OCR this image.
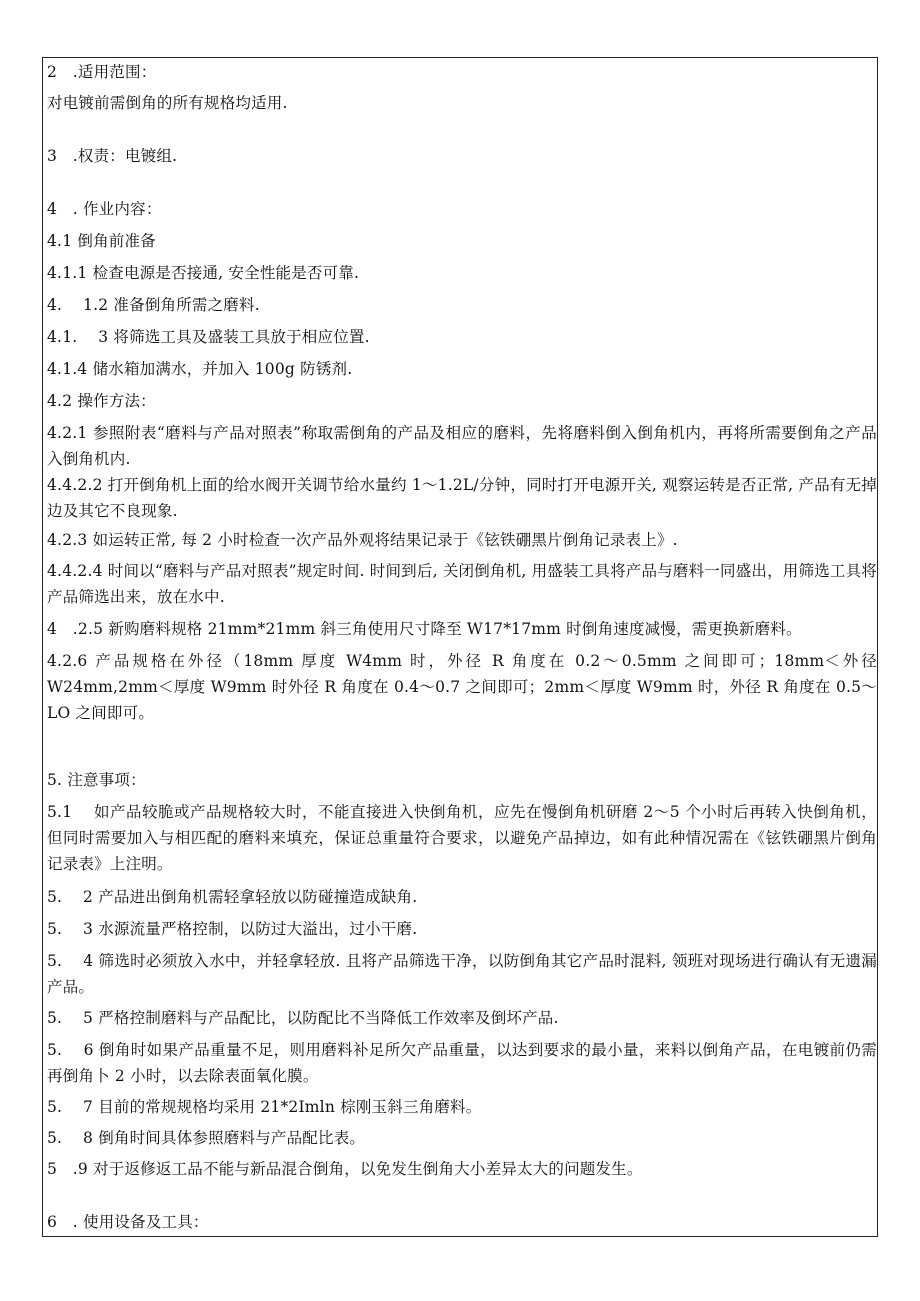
2　.适用范围：
对电镀前需倒角的所有规格均适用.
3　.权责：电镀组.
4　. 作业内容：
4.1 倒角前准备
4.1.1 检查电源是否接通, 安全性能是否可靠.
4.　 1.2 准备倒角所需之磨料.
4.1.　 3 将筛选工具及盛装工具放于相应位置.
4.1.4 储水箱加满水，并加入 100g 防锈剂.
4.2 操作方法：
4.2.1 参照附表“磨料与产品对照表”称取需倒角的产品及相应的磨料，先将磨料倒入倒角机内，再将所需要倒角之产品入倒角机内.
4.4.2.2 打开倒角机上面的给水阀开关调节给水量约 1～1.2L/分钟，同时打开电源开关, 观察运转是否正常, 产品有无掉边及其它不良现象.
4.2.3 如运转正常, 每 2 小时检查一次产品外观将结果记录于《铉铁硼黑片倒角记录表上》.
4.4.2.4 时间以“磨料与产品对照表”规定时间. 时间到后, 关闭倒角机, 用盛装工具将产品与磨料一同盛出，用筛选工具将产品筛选出来，放在水中.
4　.2.5 新购磨料规格 21mm*21mm 斜三角使用尺寸降至 W17*17mm 时倒角速度减慢，需更换新磨料。
4.2.6 产品规格在外径（18mm 厚度 W4mm 时，外径 R 角度在 0.2～0.5mm 之间即可；18mm＜外径 W24mm,2mm＜厚度 W9mm 时外径 R 角度在 0.4～0.7 之间即可；2mm＜厚度 W9mm 时，外径 R 角度在 0.5～LO 之间即可。
5. 注意事项：
5.1　 如产品较脆或产品规格较大时，不能直接进入快倒角机，应先在慢倒角机研磨 2～5 个小时后再转入快倒角机，但同时需要加入与相匹配的磨料来填充，保证总重量符合要求，以避免产品掉边，如有此种情况需在《铉铁硼黑片倒角记录表》上注明。
5.　 2 产品进出倒角机需轻拿轻放以防碰撞造成缺角.
5.　 3 水源流量严格控制，以防过大溢出，过小干磨.
5.　 4 筛选时必须放入水中，并轻拿轻放. 且将产品筛选干净，以防倒角其它产品时混料, 领班对现场进行确认有无遗漏产品。
5.　 5 严格控制磨料与产品配比，以防配比不当降低工作效率及倒坏产品.
5.　 6 倒角时如果产品重量不足，则用磨料补足所欠产品重量，以达到要求的最小量，来料以倒角产品，在电镀前仍需再倒角卜 2 小时，以去除表面氧化膜。
5.　 7 目前的常规规格均采用 21*2Imln 棕刚玉斜三角磨料。
5.　 8 倒角时间具体参照磨料与产品配比表。
5　.9 对于返修返工品不能与新品混合倒角，以免发生倒角大小差异太大的问题发生。
6　. 使用设备及工具：
